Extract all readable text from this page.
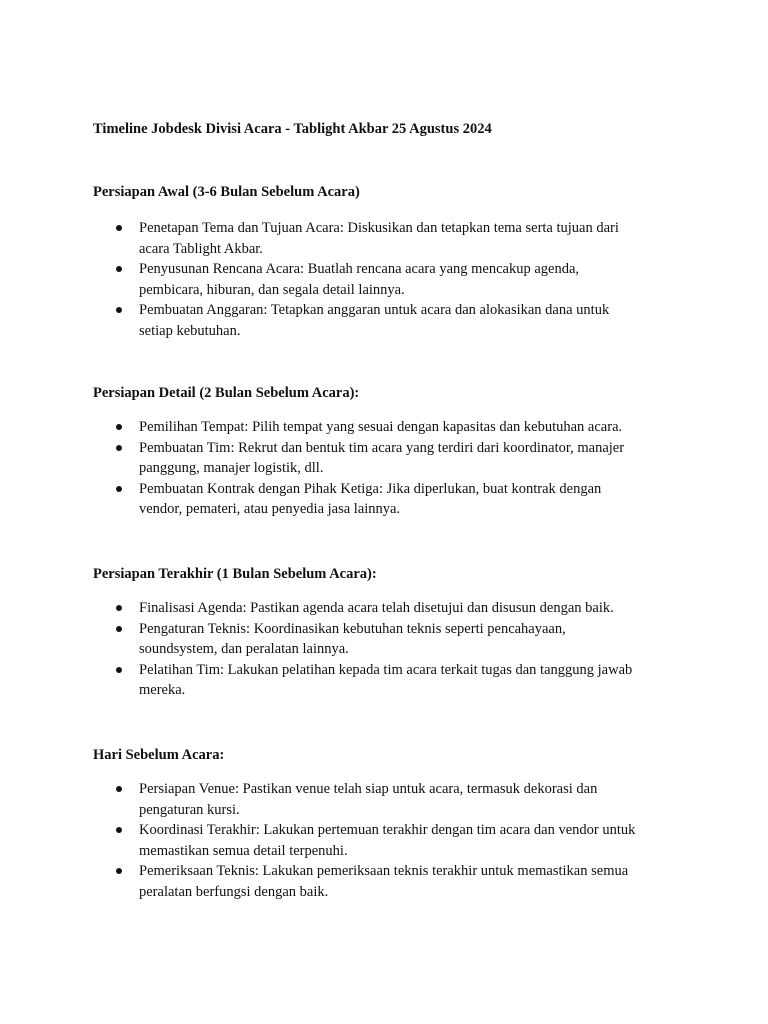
Timeline Jobdesk Divisi Acara - Tablight Akbar 25 Agustus 2024
Persiapan Awal (3-6 Bulan Sebelum Acara)
Penetapan Tema dan Tujuan Acara: Diskusikan dan tetapkan tema serta tujuan dari
acara Tablight Akbar.
Penyusunan Rencana Acara: Buatlah rencana acara yang mencakup agenda,
pembicara, hiburan, dan segala detail lainnya.
Pembuatan Anggaran: Tetapkan anggaran untuk acara dan alokasikan dana untuk
setiap kebutuhan.
Persiapan Detail (2 Bulan Sebelum Acara):
Pemilihan Tempat: Pilih tempat yang sesuai dengan kapasitas dan kebutuhan acara.
Pembuatan Tim: Rekrut dan bentuk tim acara yang terdiri dari koordinator, manajer
panggung, manajer logistik, dll.
Pembuatan Kontrak dengan Pihak Ketiga: Jika diperlukan, buat kontrak dengan
vendor, pemateri, atau penyedia jasa lainnya.
Persiapan Terakhir (1 Bulan Sebelum Acara):
Finalisasi Agenda: Pastikan agenda acara telah disetujui dan disusun dengan baik.
Pengaturan Teknis: Koordinasikan kebutuhan teknis seperti pencahayaan,
soundsystem, dan peralatan lainnya.
Pelatihan Tim: Lakukan pelatihan kepada tim acara terkait tugas dan tanggung jawab
mereka.
Hari Sebelum Acara:
Persiapan Venue: Pastikan venue telah siap untuk acara, termasuk dekorasi dan
pengaturan kursi.
Koordinasi Terakhir: Lakukan pertemuan terakhir dengan tim acara dan vendor untuk
memastikan semua detail terpenuhi.
Pemeriksaan Teknis: Lakukan pemeriksaan teknis terakhir untuk memastikan semua
peralatan berfungsi dengan baik.
